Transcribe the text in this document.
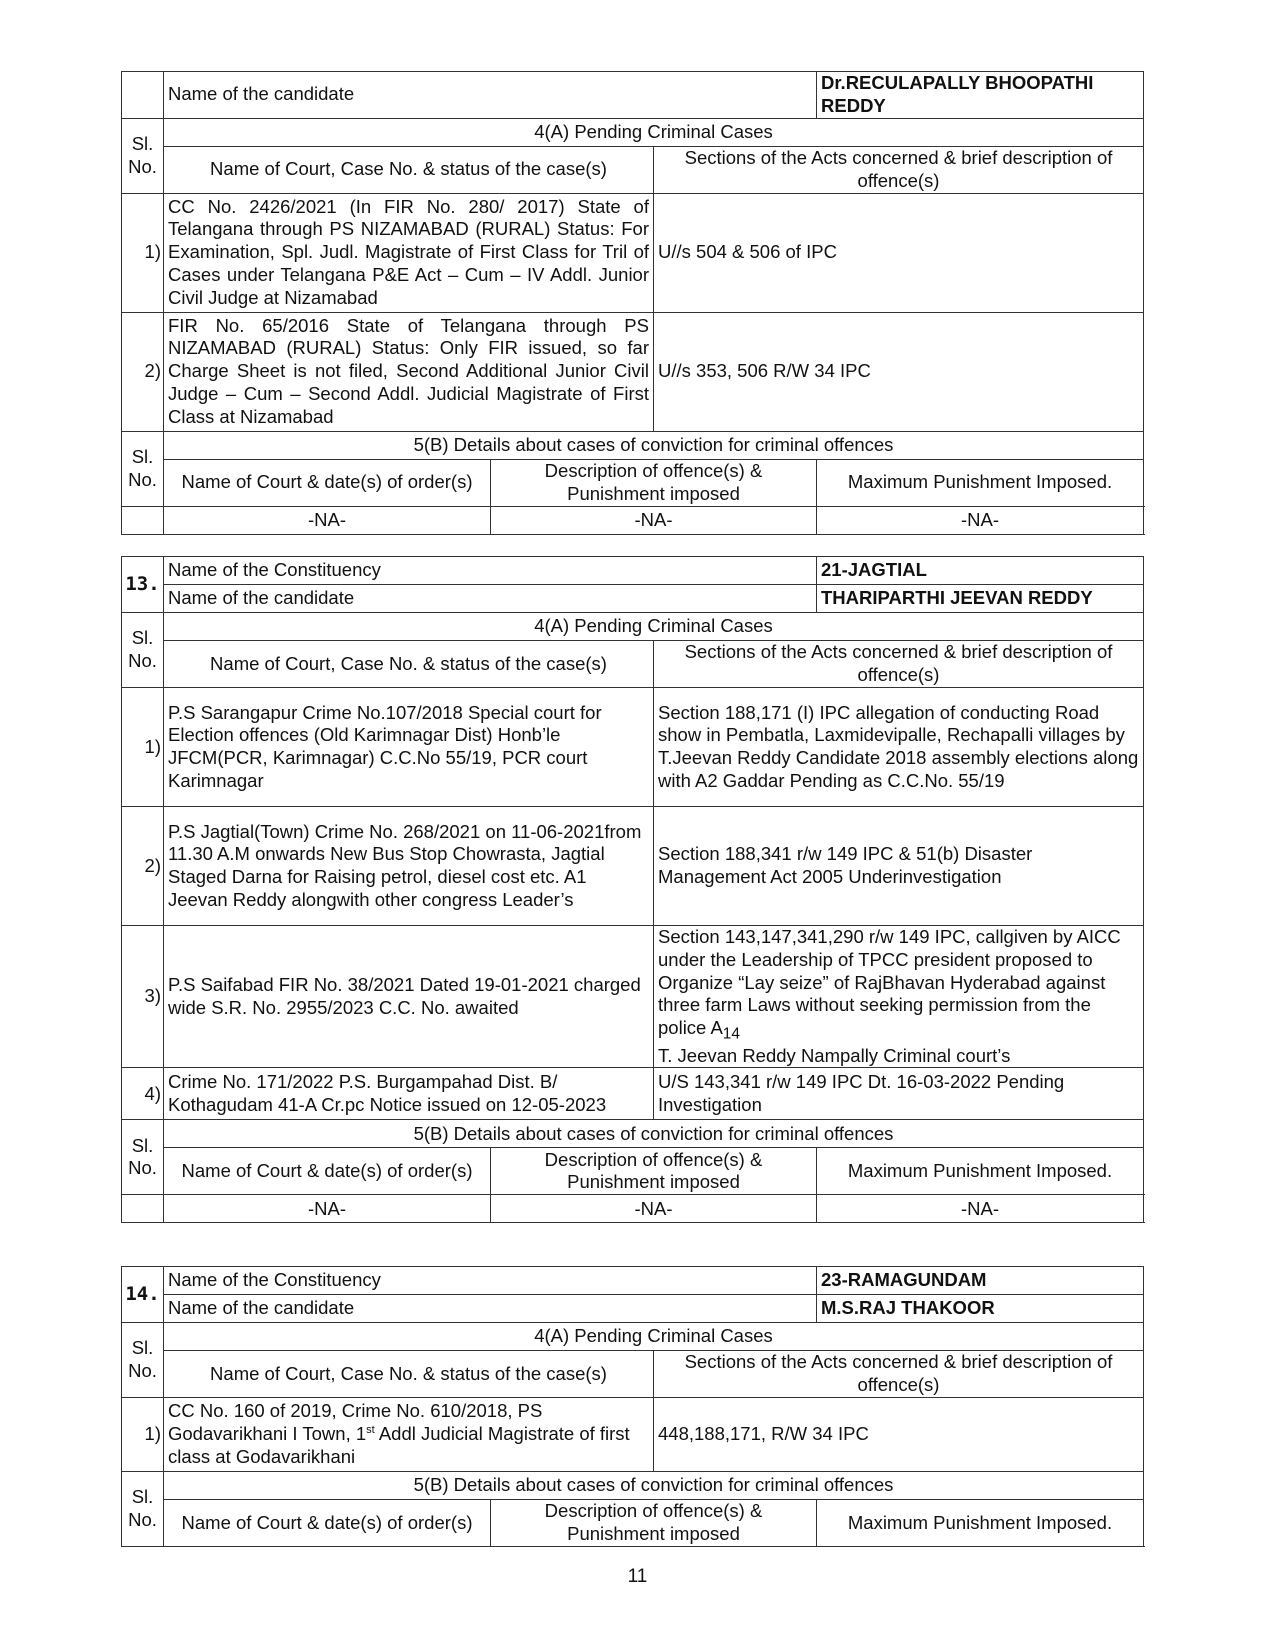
	Name of the candidate			Dr.RECULAPALLY BHOOPATHI REDDY
Sl.
No.	4(A) Pending Criminal Cases			
	Name of Court, Case No. & status of the case(s)		Sections of the Acts concerned & brief description of offence(s)	
1)	CC No. 2426/2021 (In FIR No. 280/ 2017) State of Telangana through PS NIZAMABAD (RURAL) Status: For Examination, Spl. Judl. Magistrate of First Class for Tril of Cases under Telangana P&E Act – Cum – IV Addl. Junior Civil Judge at Nizamabad		U//s 504 & 506 of IPC	
2)	FIR No. 65/2016 State of Telangana through PS NIZAMABAD (RURAL) Status: Only FIR issued, so far Charge Sheet is not filed, Second Additional Junior Civil Judge – Cum – Second Addl. Judicial Magistrate of First Class at Nizamabad		U//s 353, 506 R/W 34 IPC	
Sl.
No.	5(B) Details about cases of conviction for criminal offences			
	Name of Court & date(s) of order(s)	Description of offence(s) & Punishment imposed		Maximum Punishment Imposed.
	-NA-	-NA-		-NA-
13.	Name of the Constituency			21-JAGTIAL
	Name of the candidate			THARIPARTHI JEEVAN REDDY
Sl.
No.	4(A) Pending Criminal Cases			
	Name of Court, Case No. & status of the case(s)		Sections of the Acts concerned & brief description of offence(s)	
1)	P.S Sarangapur Crime No.107/2018 Special court for Election offences (Old Karimnagar Dist) Honb’le JFCM(PCR, Karimnagar) C.C.No 55/19, PCR court Karimnagar		Section 188,171 (I) IPC allegation of conducting Road show in Pembatla, Laxmidevipalle, Rechapalli villages by T.Jeevan Reddy Candidate 2018 assembly elections along with A2 Gaddar Pending as C.C.No. 55/19	
2)	P.S Jagtial(Town) Crime No. 268/2021 on 11-06-2021from 11.30 A.M onwards New Bus Stop Chowrasta, Jagtial Staged Darna for Raising petrol, diesel cost etc. A1 Jeevan Reddy alongwith other congress Leader’s		Section 188,341 r/w 149 IPC & 51(b) Disaster Management Act 2005 Underinvestigation	
3)	P.S Saifabad FIR No. 38/2021 Dated 19-01-2021 charged wide S.R. No. 2955/2023 C.C. No. awaited		Section 143,147,341,290 r/w 149 IPC, callgiven by AICC under the Leadership of TPCC president proposed to Organize “Lay seize” of RajBhavan Hyderabad against three farm Laws without seeking permission from the police $A_{14}$
T. Jeevan Reddy Nampally Criminal court’s	
4)	Crime No. 171/2022 P.S. Burgampahad Dist. B/ Kothagudam 41-A Cr.pc Notice issued on 12-05-2023		U/S 143,341 r/w 149 IPC Dt. 16-03-2022 Pending Investigation	
Sl.
No.	5(B) Details about cases of conviction for criminal offences			
	Name of Court & date(s) of order(s)	Description of offence(s) & Punishment imposed		Maximum Punishment Imposed.
	-NA-	-NA-		-NA-
14.	Name of the Constituency			23-RAMAGUNDAM
	Name of the candidate			M.S.RAJ THAKOOR
Sl.
No.	4(A) Pending Criminal Cases			
	Name of Court, Case No. & status of the case(s)		Sections of the Acts concerned & brief description of offence(s)	
1)	CC No. 160 of 2019, Crime No. 610/2018, PS Godavarikhani I Town, 1st Addl Judicial Magistrate of first class at Godavarikhani		448,188,171, R/W 34 IPC	
Sl.
No.	5(B) Details about cases of conviction for criminal offences			
	Name of Court & date(s) of order(s)	Description of offence(s) & Punishment imposed		Maximum Punishment Imposed.
11
